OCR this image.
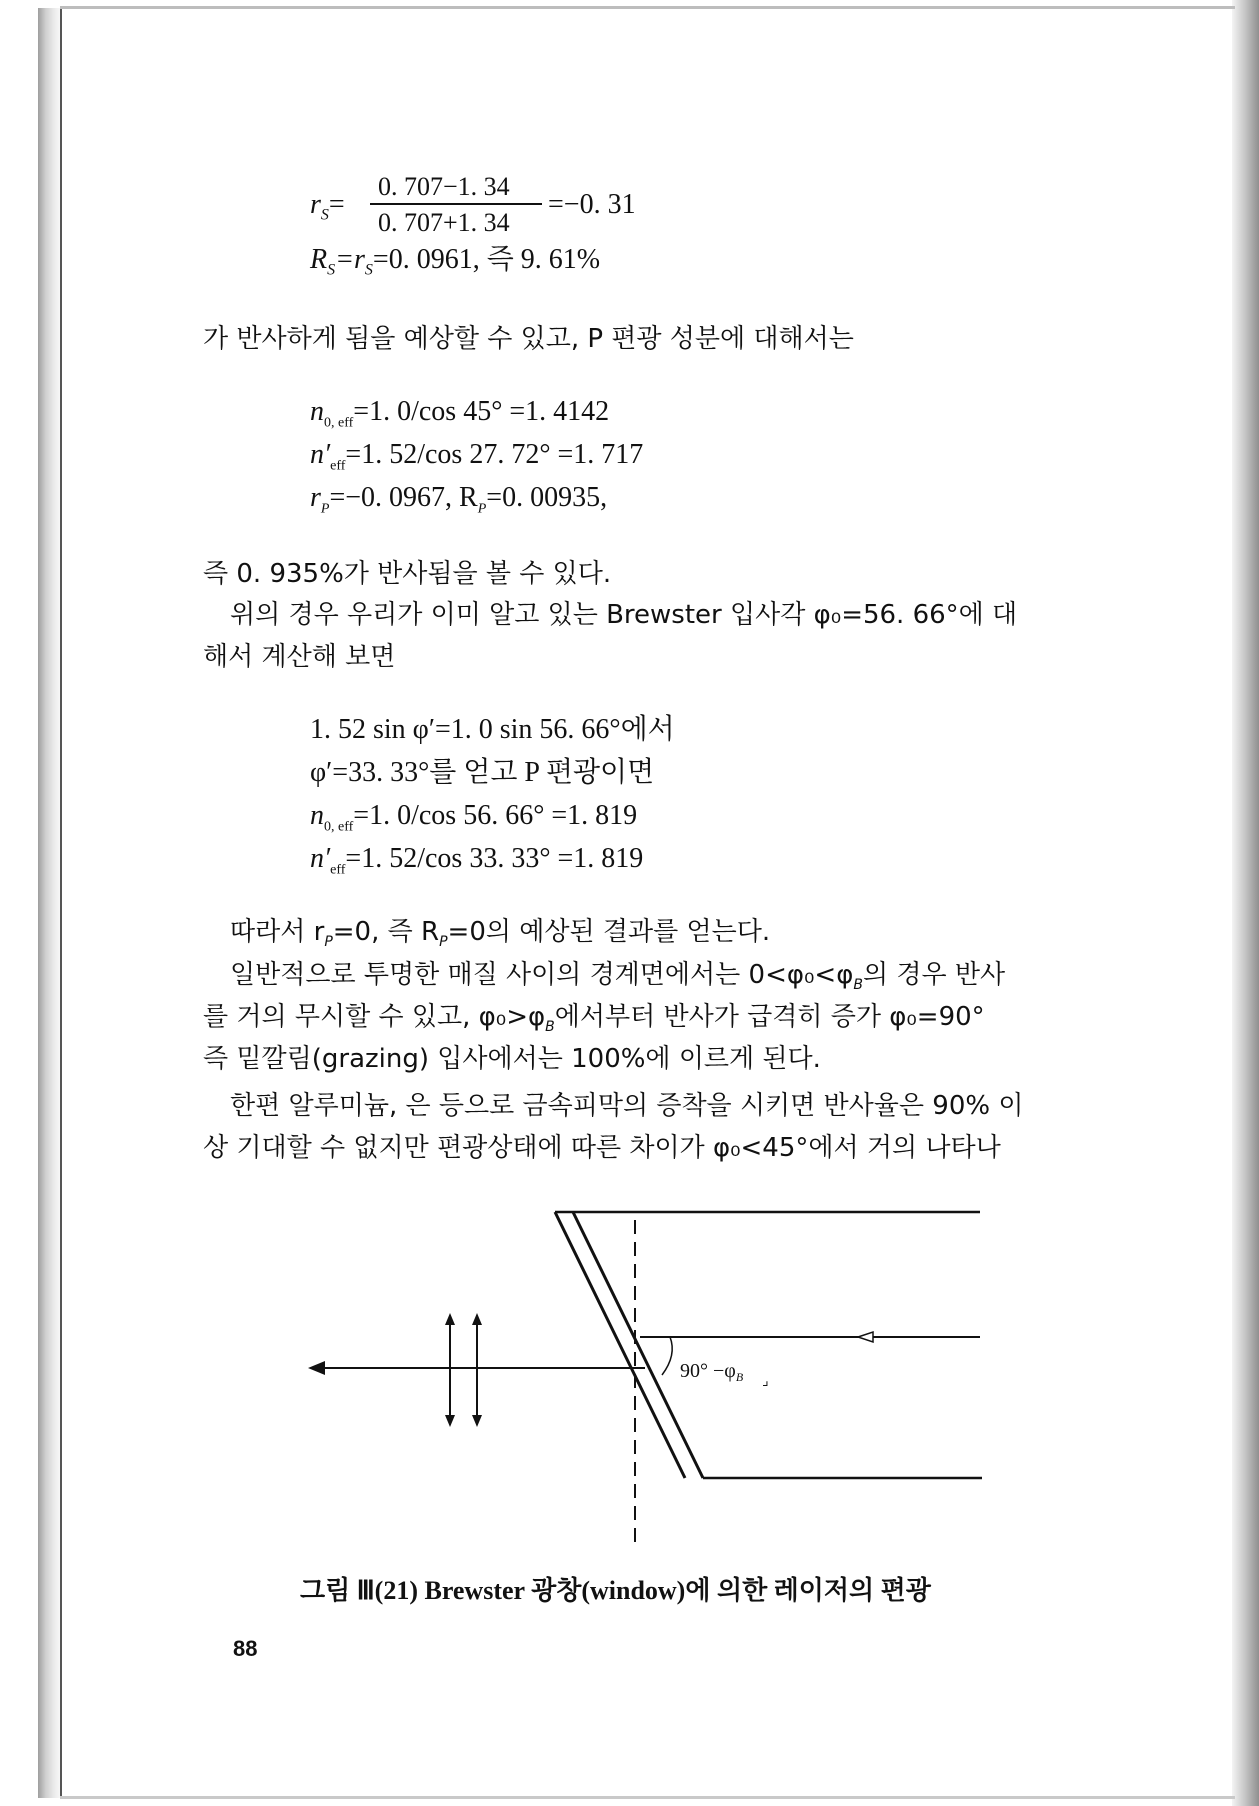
$r_S=$
0. 707−1. 34
0. 707+1. 34
=−0. 31
$R_S=r_S=0$. 0961, 즉 9. 61%
가 반사하게 됨을 예상할 수 있고, P 편광 성분에 대해서는
$n_{0, eff}=1$. 0/cos 45° =1. 4142
$n'_{eff}=1$. 52/cos 27. 72° =1. 717
$r_P=-0$. 0967, $R_P=0$. 00935,
즉 0. 935%가 반사됨을 볼 수 있다.
위의 경우 우리가 이미 알고 있는 Brewster 입사각 φ₀=56. 66°에 대
해서 계산해 보면
1. 52 sin φ′=1. 0 sin 56. 66°에서
φ′=33. 33°를 얻고 P 편광이면
$n_{0, eff}=1$. 0/cos 56. 66° =1. 819
$n'_{eff}=1$. 52/cos 33. 33° =1. 819
따라서 $r_P=0$, 즉 $R_P=0$의 예상된 결과를 얻는다.
일반적으로 투명한 매질 사이의 경계면에서는 $0<\varphi_0<\varphi_B$의 경우 반사
를 거의 무시할 수 있고, $\varphi_0>\varphi_B$에서부터 반사가 급격히 증가 φ₀=90°
즉 밑깔림(grazing) 입사에서는 100%에 이르게 된다.
한편 알루미늄, 은 등으로 금속피막의 증착을 시키면 반사율은 90% 이
상 기대할 수 없지만 편광상태에 따른 차이가 φ₀<45°에서 거의 나타나
$90^\circ -\varphi_B$ ⌟
그림 Ⅲ(21) Brewster 광창(window)에 의한 레이저의 편광
88
